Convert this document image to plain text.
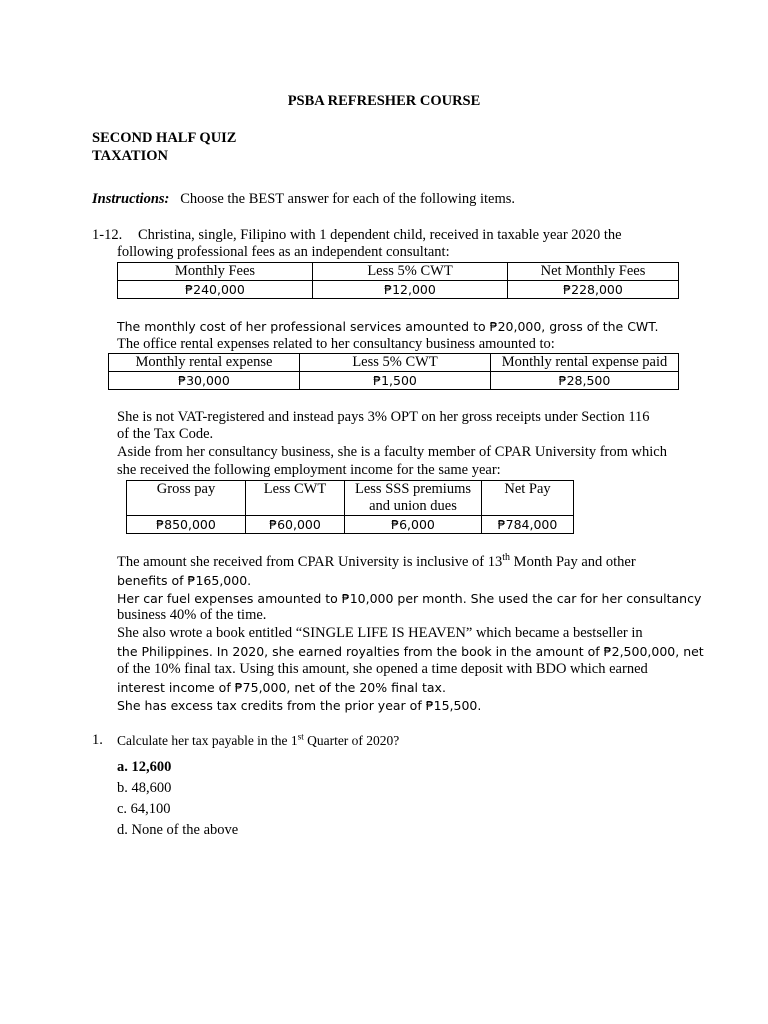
PSBA REFRESHER COURSE
SECOND HALF QUIZ
TAXATION
Instructions: Choose the BEST answer for each of the following items.
1-12. Christina, single, Filipino with 1 dependent child, received in taxable year 2020 the
following professional fees as an independent consultant:
Monthly Fees	Less 5% CWT	Net Monthly Fees
₱240,000	₱12,000	₱228,000
The monthly cost of her professional services amounted to ₱20,000, gross of the CWT.
The office rental expenses related to her consultancy business amounted to:
Monthly rental expense	Less 5% CWT	Monthly rental expense paid
₱30,000	₱1,500	₱28,500
She is not VAT-registered and instead pays 3% OPT on her gross receipts under Section 116
of the Tax Code.
Aside from her consultancy business, she is a faculty member of CPAR University from which
she received the following employment income for the same year:
Gross pay	Less CWT	Less SSS premiums
and union dues	Net Pay
₱850,000	₱60,000	₱6,000	₱784,000
The amount she received from CPAR University is inclusive of 13th Month Pay and other
benefits of ₱165,000.
Her car fuel expenses amounted to ₱10,000 per month. She used the car for her consultancy
business 40% of the time.
She also wrote a book entitled “SINGLE LIFE IS HEAVEN” which became a bestseller in
the Philippines. In 2020, she earned royalties from the book in the amount of ₱2,500,000, net
of the 10% final tax. Using this amount, she opened a time deposit with BDO which earned
interest income of ₱75,000, net of the 20% final tax.
She has excess tax credits from the prior year of ₱15,500.
1. Calculate her tax payable in the 1st Quarter of 2020?
a. 12,600
b. 48,600
c. 64,100
d. None of the above
